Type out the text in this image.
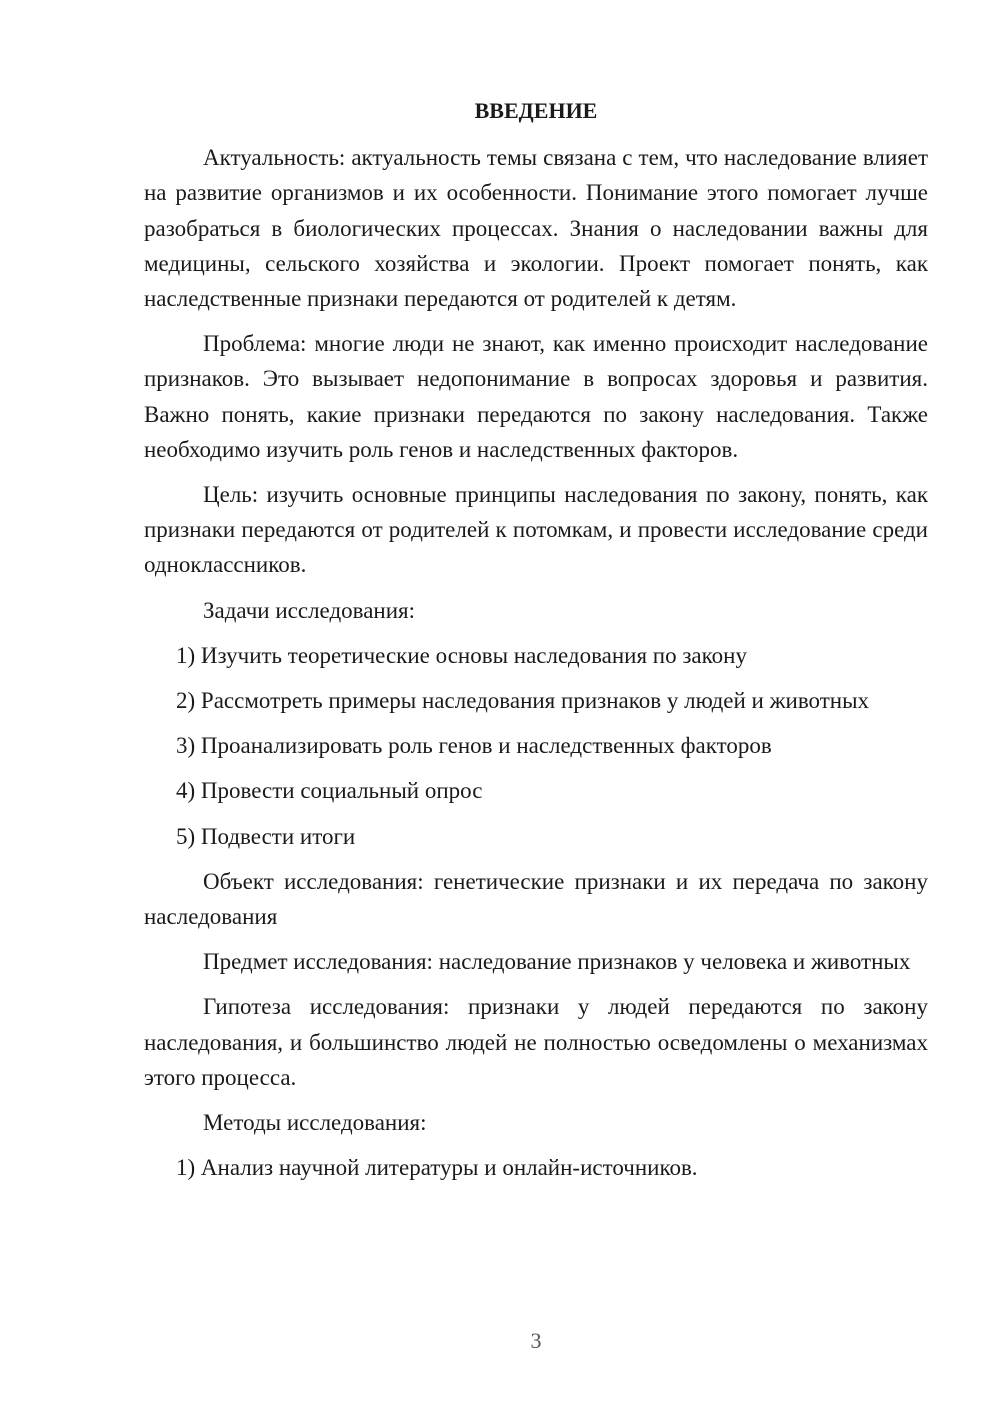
ВВЕДЕНИЕ

Актуальность: актуальность темы связана с тем, что наследование влияет на развитие организмов и их особенности. Понимание этого помогает лучше разобраться в биологических процессах. Знания о наследовании важны для медицины, сельского хозяйства и экологии. Проект помогает понять, как наследственные признаки передаются от родителей к детям.

Проблема: многие люди не знают, как именно происходит наследование признаков. Это вызывает недопонимание в вопросах здоровья и развития. Важно понять, какие признаки передаются по закону наследования. Также необходимо изучить роль генов и наследственных факторов.

Цель: изучить основные принципы наследования по закону, понять, как признаки передаются от родителей к потомкам, и провести исследование среди одноклассников.

Задачи исследования:

1) Изучить теоретические основы наследования по закону
2) Рассмотреть примеры наследования признаков у людей и животных
3) Проанализировать роль генов и наследственных факторов
4) Провести социальный опрос
5) Подвести итоги

Объект исследования: генетические признаки и их передача по закону наследования

Предмет исследования: наследование признаков у человека и животных

Гипотеза исследования: признаки у людей передаются по закону наследования, и большинство людей не полностью осведомлены о механизмах этого процесса.

Методы исследования:

1) Анализ научной литературы и онлайн-источников.
3
